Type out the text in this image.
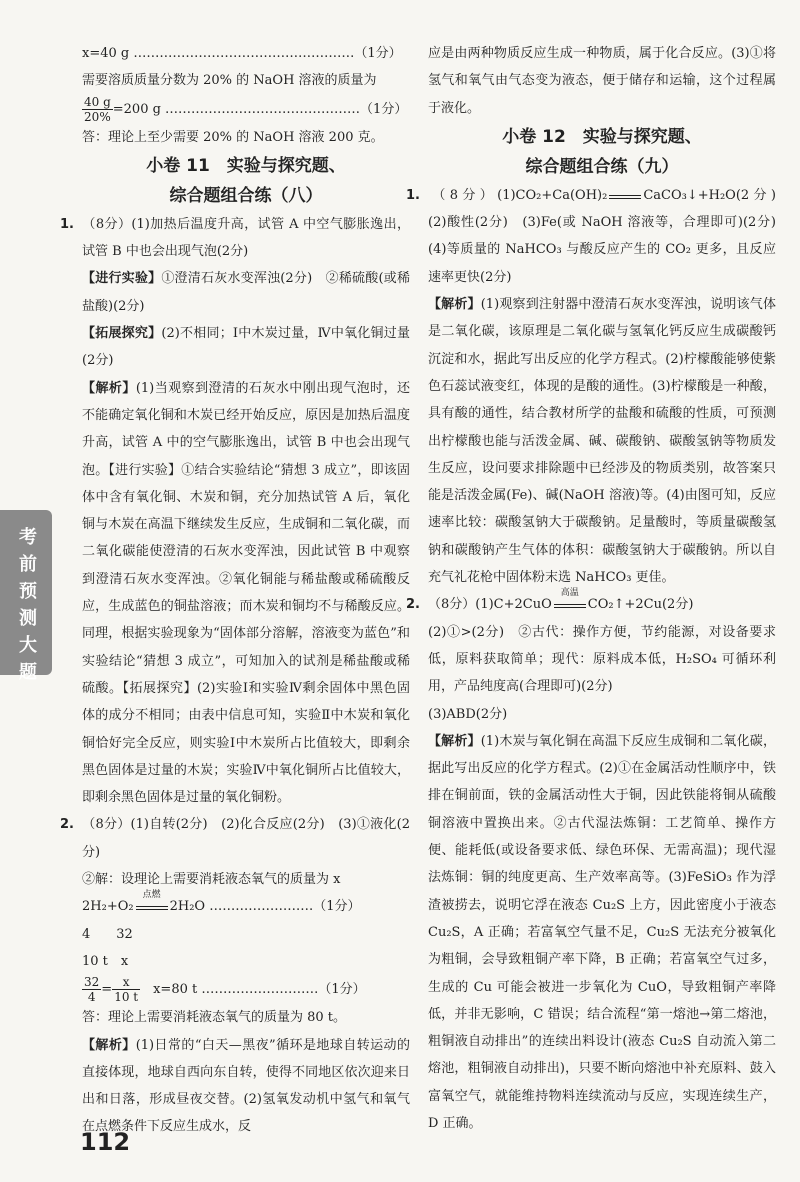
考前预测大题

x=40 g ……………………………………………（1分）

需要溶质质量分数为 20% 的 NaOH 溶液的质量为

$\frac{40 g}{20\%} =200$ g ………………………………………（1分）

答：理论上至少需要 20% 的 NaOH 溶液 200 克。

小卷 11　实验与探究题、
综合题组合练（八）

1. （8分）(1)加热后温度升高，试管 A 中空气膨胀逸出，试管 B 中也会出现气泡(2分)

【进行实验】①澄清石灰水变浑浊(2分)　②稀硫酸(或稀盐酸)(2分)

【拓展探究】(2)不相同；Ⅰ中木炭过量，Ⅳ中氧化铜过量(2分)

【解析】(1)当观察到澄清的石灰水中刚出现气泡时，还不能确定氧化铜和木炭已经开始反应，原因是加热后温度升高，试管 A 中的空气膨胀逸出，试管 B 中也会出现气泡。【进行实验】①结合实验结论“猜想 3 成立”，即该固体中含有氧化铜、木炭和铜，充分加热试管 A 后，氧化铜与木炭在高温下继续发生反应，生成铜和二氧化碳，而二氧化碳能使澄清的石灰水变浑浊，因此试管 B 中观察到澄清石灰水变浑浊。②氧化铜能与稀盐酸或稀硫酸反应，生成蓝色的铜盐溶液；而木炭和铜均不与稀酸反应。同理，根据实验现象为“固体部分溶解，溶液变为蓝色”和实验结论“猜想 3 成立”，可知加入的试剂是稀盐酸或稀硫酸。【拓展探究】(2)实验Ⅰ和实验Ⅳ剩余固体中黑色固体的成分不相同；由表中信息可知，实验Ⅱ中木炭和氧化铜恰好完全反应，则实验Ⅰ中木炭所占比值较大，即剩余黑色固体是过量的木炭；实验Ⅳ中氧化铜所占比值较大，即剩余黑色固体是过量的氧化铜粉。

2. （8分）(1)自转(2分)　(2)化合反应(2分)　(3)①液化(2分)

②解：设理论上需要消耗液态氧气的质量为 x

2H₂+O₂
点燃
2H₂O ……………………（1分）

4　　32

10 t　x

$\frac{32}{4} = \frac{x}{10 t}$ 　x=80 t ………………………（1分）

答：理论上需要消耗液态氧气的质量为 80 t。

【解析】(1)日常的“白天—黑夜”循环是地球自转运动的直接体现，地球自西向东自转，使得不同地区依次迎来日出和日落，形成昼夜交替。(2)氢氧发动机中氢气和氧气在点燃条件下反应生成水，反

应是由两种物质反应生成一种物质，属于化合反应。(3)①将氢气和氧气由气态变为液态，便于储存和运输，这个过程属于液化。

小卷 12　实验与探究题、
综合题组合练（九）

1. （8分）(1)CO₂+Ca(OH)₂	CaCO₃↓+H₂O(2分)　(2)酸性(2分)　(3)Fe(或 NaOH 溶液等，合理即可)(2分)　(4)等质量的 NaHCO₃ 与酸反应产生的 CO₂ 更多，且反应速率更快(2分)

【解析】(1)观察到注射器中澄清石灰水变浑浊，说明该气体是二氧化碳，该原理是二氧化碳与氢氧化钙反应生成碳酸钙沉淀和水，据此写出反应的化学方程式。(2)柠檬酸能够使紫色石蕊试液变红，体现的是酸的通性。(3)柠檬酸是一种酸，具有酸的通性，结合教材所学的盐酸和硫酸的性质，可预测出柠檬酸也能与活泼金属、碱、碳酸钠、碳酸氢钠等物质发生反应，设问要求排除题中已经涉及的物质类别，故答案只能是活泼金属(Fe)、碱(NaOH 溶液)等。(4)由图可知，反应速率比较：碳酸氢钠大于碳酸钠。足量酸时，等质量碳酸氢钠和碳酸钠产生气体的体积：碳酸氢钠大于碳酸钠。所以自充气礼花枪中固体粉末选 NaHCO₃ 更佳。

2. （8分）(1)C+2CuO
高温
CO₂↑+2Cu(2分)

(2)①>(2分)　②古代：操作方便，节约能源，对设备要求低，原料获取简单；现代：原料成本低，H₂SO₄ 可循环利用，产品纯度高(合理即可)(2分)

(3)ABD(2分)

【解析】(1)木炭与氧化铜在高温下反应生成铜和二氧化碳，据此写出反应的化学方程式。(2)①在金属活动性顺序中，铁排在铜前面，铁的金属活动性大于铜，因此铁能将铜从硫酸铜溶液中置换出来。②古代湿法炼铜：工艺简单、操作方便、能耗低(或设备要求低、绿色环保、无需高温)；现代湿法炼铜：铜的纯度更高、生产效率高等。(3)FeSiO₃ 作为浮渣被捞去，说明它浮在液态 Cu₂S 上方，因此密度小于液态 Cu₂S，A 正确；若富氧空气量不足，Cu₂S 无法充分被氧化为粗铜，会导致粗铜产率下降，B 正确；若富氧空气过多，生成的 Cu 可能会被进一步氧化为 CuO，导致粗铜产率降低，并非无影响，C 错误；结合流程“第一熔池→第二熔池，粗铜液自动排出”的连续出料设计(液态 Cu₂S 自动流入第二熔池，粗铜液自动排出)，只要不断向熔池中补充原料、鼓入富氧空气，就能维持物料连续流动与反应，实现连续生产，D 正确。

112
